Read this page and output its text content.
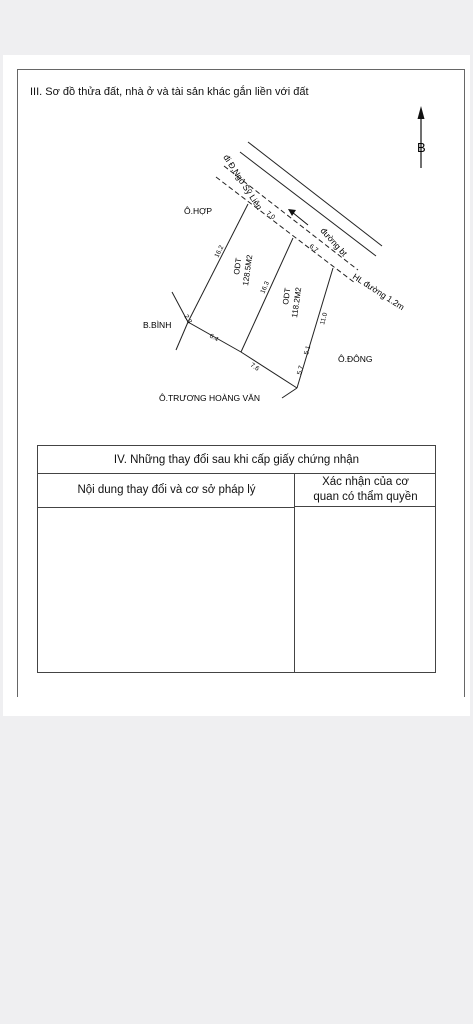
III. Sơ đồ thửa đất, nhà ở và tài sản khác gắn liền với đất
B
đi Đ.Ngô Sỹ Liên
đường bt
HL đường 1.2m
Ô.HỢP
B.BÌNH
Ô.ĐÔNG
Ô.TRƯƠNG HOÀNG VĂN
ODT
128.5M2
ODT
118.2M2
7.0
6.7
16.2
16.3
11.0
5.1
5.7
2.3
6.4
7.6
IV. Những thay đổi sau khi cấp giấy chứng nhận
Nội dung thay đổi và cơ sở pháp lý
Xác nhận của cơ
quan có thẩm quyền
